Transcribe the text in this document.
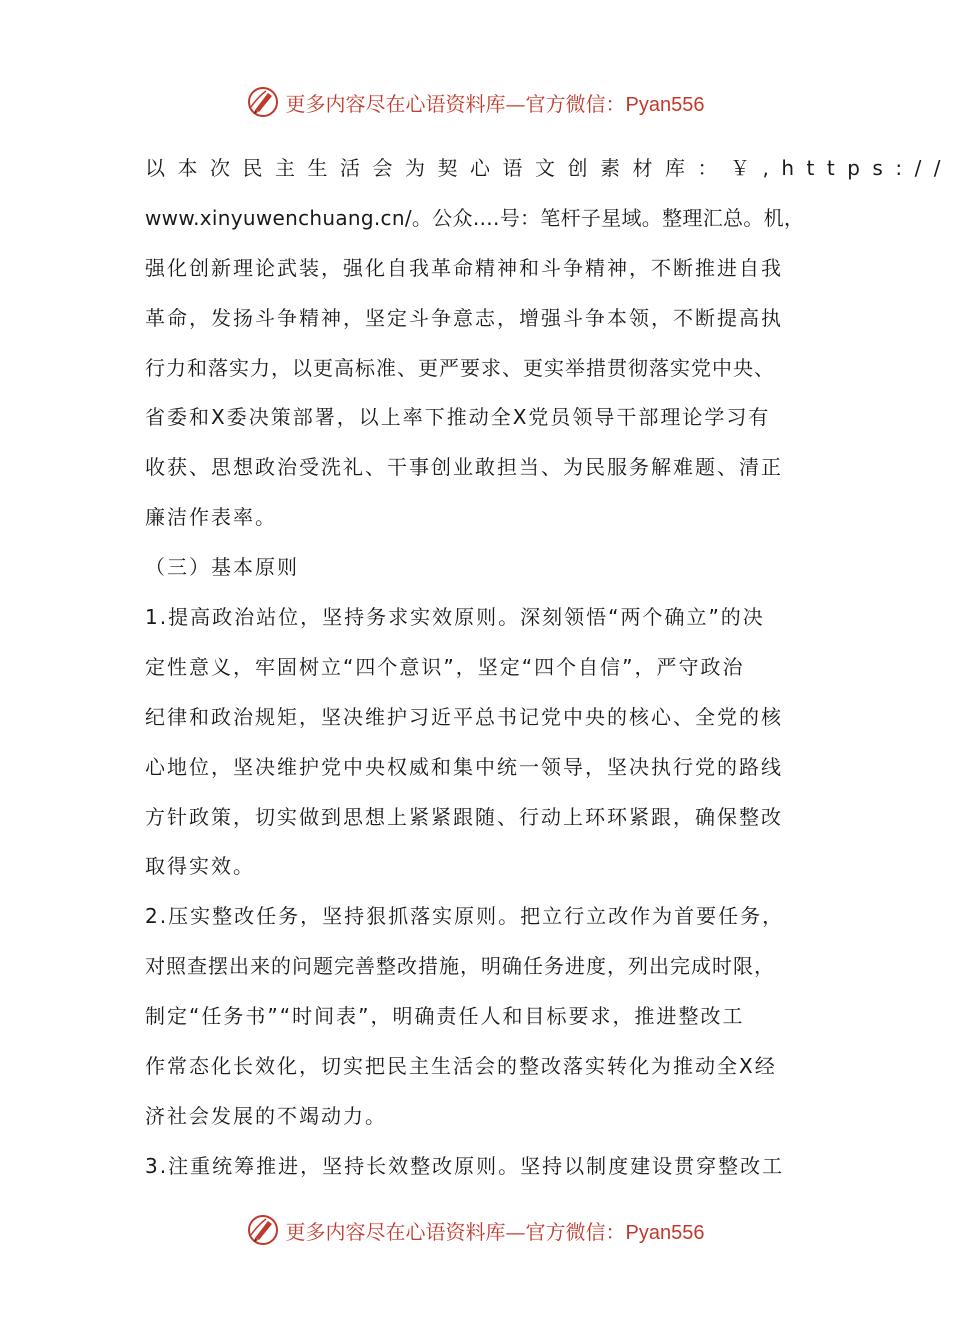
更多内容尽在心语资料库—官方微信：Pyan556
以本次民主生活会为契心语文创素材库：￥,https://
www.xinyuwenchuang.cn/。公众….号：笔杆子星域。整理汇总。机，
强化创新理论武装，强化自我革命精神和斗争精神，不断推进自我
革命，发扬斗争精神，坚定斗争意志，增强斗争本领，不断提高执
行力和落实力，以更高标准、更严要求、更实举措贯彻落实党中央、
省委和X委决策部署，以上率下推动全X党员领导干部理论学习有
收获、思想政治受洗礼、干事创业敢担当、为民服务解难题、清正
廉洁作表率。
（三）基本原则
1.提高政治站位，坚持务求实效原则。深刻领悟“两个确立”的决
定性意义，牢固树立“四个意识”，坚定“四个自信”，严守政治
纪律和政治规矩，坚决维护习近平总书记党中央的核心、全党的核
心地位，坚决维护党中央权威和集中统一领导，坚决执行党的路线
方针政策，切实做到思想上紧紧跟随、行动上环环紧跟，确保整改
取得实效。
2.压实整改任务，坚持狠抓落实原则。把立行立改作为首要任务，
对照查摆出来的问题完善整改措施，明确任务进度，列出完成时限，
制定“任务书”“时间表”，明确责任人和目标要求，推进整改工
作常态化长效化，切实把民主生活会的整改落实转化为推动全X经
济社会发展的不竭动力。
3.注重统筹推进，坚持长效整改原则。坚持以制度建设贯穿整改工
更多内容尽在心语资料库—官方微信：Pyan556
